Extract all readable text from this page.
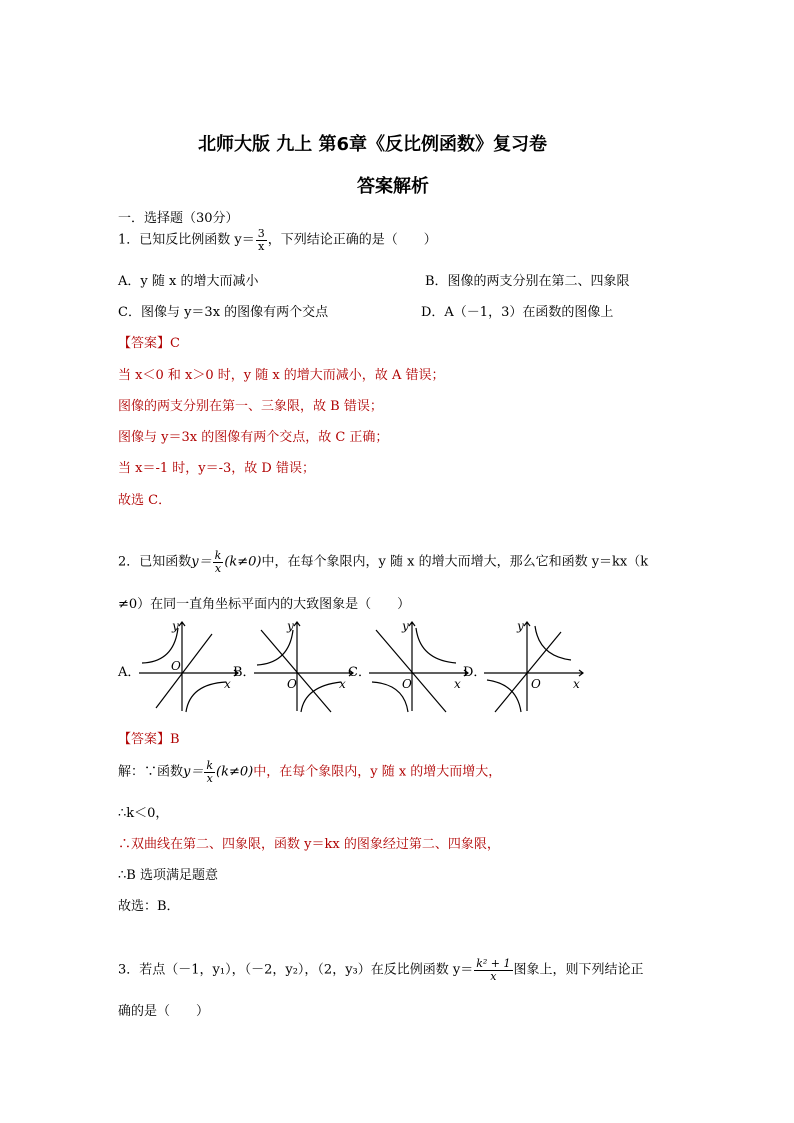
北师大版 九上 第6章《反比例函数》复习卷
答案解析
一．选择题（30分）
1．已知反比例函数 $y= \frac{3}{x}$ ，下列结论正确的是（　　）
A．y 随 x 的增大而减小	B．图像的两支分别在第二、四象限
C．图像与 y＝3x 的图像有两个交点	D．A（－1，3）在函数的图像上
【答案】C
当 x＜0 和 x＞0 时，y 随 x 的增大而减小，故 A 错误；
图像的两支分别在第一、三象限，故 B 错误；
图像与 y＝3x 的图像有两个交点，故 C 正确；
当 x＝-1 时，y＝-3，故 D 错误；
故选 C．
2．已知函数$y= \frac{k}{x} (k\ne 0)$中，在每个象限内，y 随 x 的增大而增大，那么它和函数 y＝kx（k
≠0）在同一直角坐标平面内的大致图象是（　　）
A．	B．	C．	D．
y
x
O
y
x
O
y
x
O
y
x
O
【答案】B
解：∵函数$y= \frac{k}{x} (k\ne 0)$中，在每个象限内，y 随 x 的增大而增大，
∴k＜0，
∴双曲线在第二、四象限，函数 y＝kx 的图象经过第二、四象限，
∴B 选项满足题意
故选：B．
3．若点（－1，y₁），（－2，y₂），（2，y₃）在反比例函数 $y= \frac{\text{k² + 1}}{x}$ 图象上，则下列结论正
确的是（　　）
